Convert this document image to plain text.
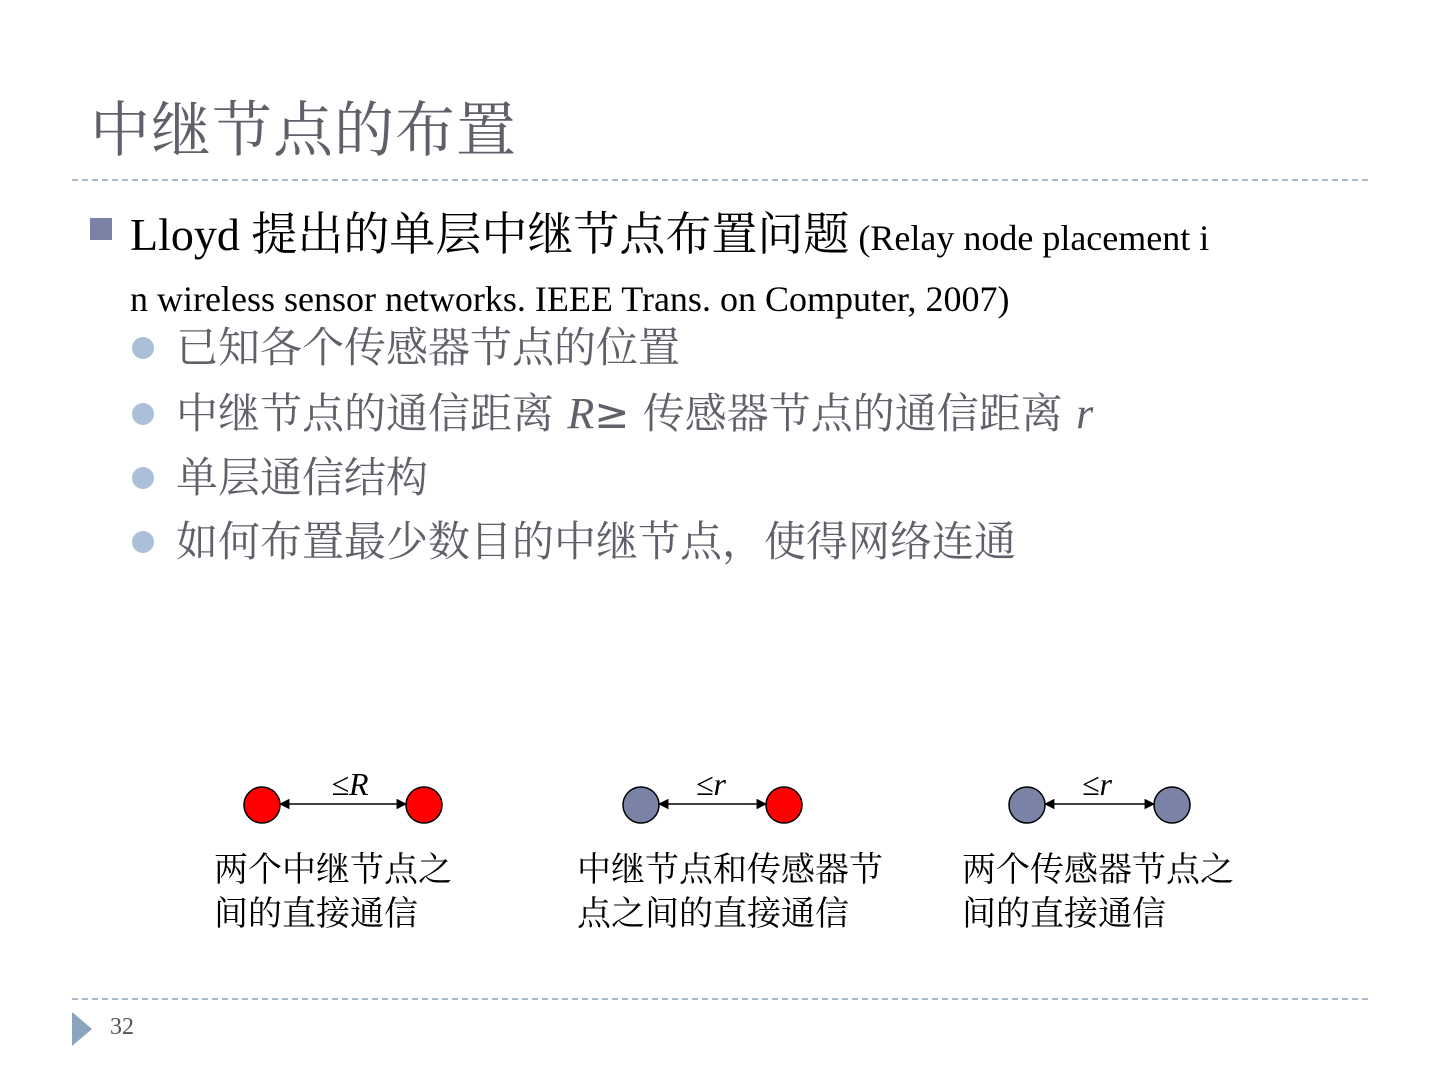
中继节点的布置
Lloyd 提出的单层中继节点布置问题 (Relay node placement i
n wireless sensor networks. IEEE Trans. on Computer, 2007)
已知各个传感器节点的位置
中继节点的通信距离 R≥ 传感器节点的通信距离 r
单层通信结构
如何布置最少数目的中继节点，使得网络连通
≤R	≤r	≤r
两个中继节点之
间的直接通信
中继节点和传感器节
点之间的直接通信
两个传感器节点之
间的直接通信
32
